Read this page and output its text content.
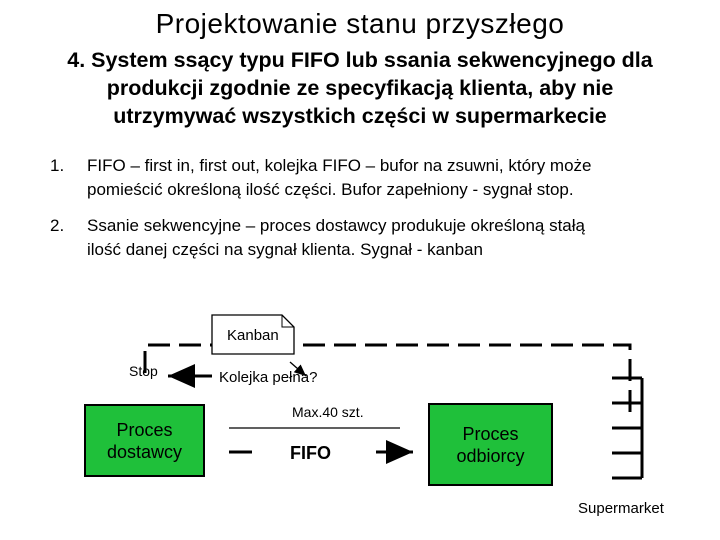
Projektowanie stanu przyszłego
4. System ssący typu FIFO lub ssania sekwencyjnego dla
produkcji zgodnie ze specyfikacją klienta, aby nie
utrzymywać wszystkich części w supermarkecie
1. FIFO – first in, first out, kolejka FIFO – bufor na zsuwni, który może
pomieścić określoną ilość części. Bufor zapełniony - sygnał stop.
2. Ssanie sekwencyjne – proces dostawcy produkuje określoną stałą
ilość danej części na sygnał klienta. Sygnał - kanban
Kanban
Stop	Kolejka pełna?
Max.40 szt.
FIFO
Proces
dostawcy
Proces
odbiorcy
Supermarket
